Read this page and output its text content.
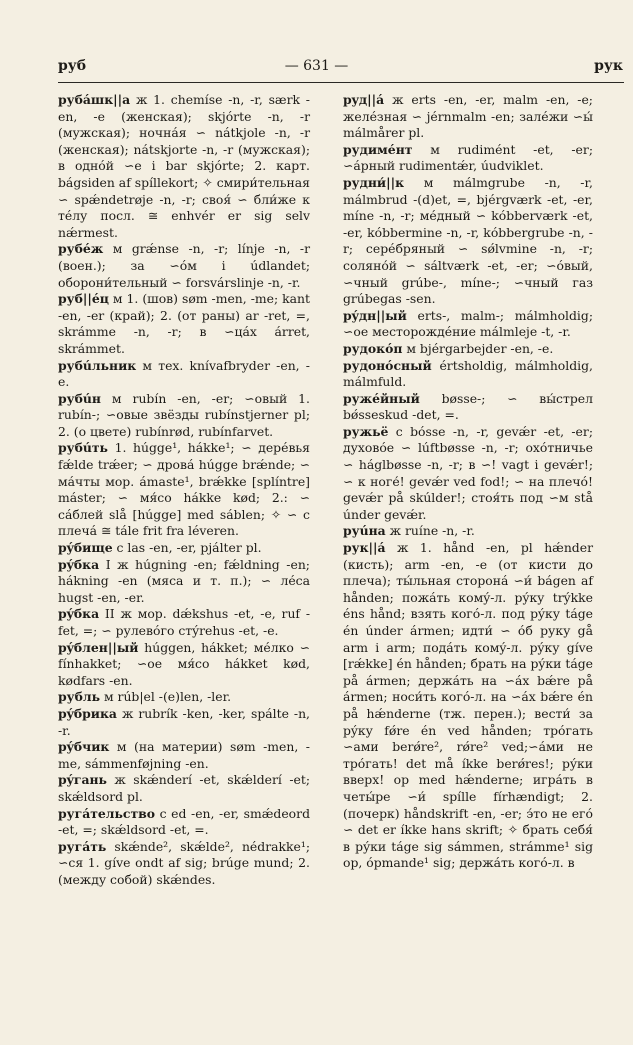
руб	— 631 —	рук

рубáшк||а ж 1. chemíse -n, -r, særk -en, -e (женская); skjórte -n, -r (мужская); ночнáя ∽ nátkjole -n, -r (женская); nátskjorte -n, -r (мужская); в однóй ∽е i bar skjórte; 2. карт. bágsiden af spíllekort; ✧ смири́тельная ∽ spǽndetrøje -n, -r; своя́ ∽ бли́же к тéлу посл. ≅ enhvér er sig selv nǽrmest.

рубéж м grǽnse -n, -r; línje -n, -r (воен.); за ∽óм i údlandet; оборони́тельный ∽ forsvárslinje -n, -r.

руб||éц м 1. (шов) søm -men, -me; kant -en, -er (край); 2. (от раны) ar -ret, =, skrámme -n, -r; в ∽цáх árret, skrámmet.

рубúльник м тех. knívafbryder -en, -e.

рубúн м rubín -en, -er; ∽овый 1. rubín-; ∽овые звёзды rubínstjerner pl; 2. (о цвете) rubínrød, rubínfarvet.

рубúть 1. húgge¹, hákke¹; ∽ дерéвья fǽlde trǽer; ∽ дровá húgge brǽnde; ∽ мáчты мор. ámaste¹, brǽkke [splíntre] máster; ∽ мя́со hákke kød; 2.: ∽ сáблей slå [húgge] med sáblen; ✧ ∽ с плечá ≅ tále frit fra léveren.

рýбище с las -en, -er, pjálter pl.

рýбка I ж húgning -en; fǽldning -en; hákning -en (мяса и т. п.); ∽ лéса hugst -en, -er.

рýбка II ж мор. dǽkshus -et, -e, ruf -fet, =; ∽ рулевóго стýrehus -et, -e.

рýблен||ый húggen, hákket; мéлко ∽ fínhakket; ∽ое мя́со hákket kød, kødfars -en.

рубль м rúb|el -(e)len, -ler.

рýбрика ж rubrík -ken, -ker, spálte -n, -r.

рýбчик м (на материи) søm -men, -me, sámmenføjning -en.

рýгань ж skǽnderí -et, skǽlderí -et; skǽldsord pl.

ругáтельство с ed -en, -er, smǽdeord -et, =; skǽldsord -et, =.

ругáть skǽnde², skǽlde², nédrakke¹; ∽ся 1. gíve ondt af sig; brúge mund; 2. (между собой) skǽndes.

рyд||á ж erts -en, -er, malm -en, -e; желéзная ∽ jérnmalm -en; залéжи ∽ы́ málmårer pl.

рудимéнт м rudimént -et, -er; ∽áрный rudimentǽr, úudviklet.

рудни́||к м málmgrube -n, -r, málmbrud -(d)et, =, bjérgværk -et, -er, míne -n, -r; мéдный ∽ kóbberværk -et, -er, kóbbermine -n, -r, kóbbergrube -n, -r; серéбряный ∽ sǿlvmine -n, -r; соляно́й ∽ sáltværk -et, -er; ∽óвый, ∽чный grúbe-, míne-; ∽чный газ grúbegas -sen.

рýдн||ый erts-, malm-; málmholdig; ∽ое месторождéние málmleje -t, -r.

рудокóп м bjérgarbejder -en, -e.

рудонóсный értsholdig, málmholdig, málmfuld.

ружéйный bøsse-; ∽ вы́стрел bǿsseskud -det, =.

ружьё с bósse -n, -r, gevǽr -et, -er; духовóе ∽ lúftbøsse -n, -r; охóтничье ∽ háglbøsse -n, -r; в ∽! vagt i gevǽr!; ∽ к ноге́! gevǽr ved fod!; ∽ на плечó! gevǽr på skúlder!; стоя́ть под ∽м stå únder gevǽr.

руúна ж ruíne -n, -r.

рук||á ж 1. hånd -en, pl hǽnder (кисть); arm -en, -e (от кисти до плеча); ты́льная сторонá ∽и́ bágen af hånden; пожáть комý-л. рýку trýkke éns hånd; взять когó-л. под рýку táge én únder ármen; идти́ ∽ óб руку gå arm i arm; подáть комý-л. рýку gíve [rǽkke] én hånden; брать на рýки táge på ármen; держáть на ∽áх bǽre på ármen; носи́ть когó-л. на ∽áх bǽre én på hǽnderne (тж. перен.); вести́ за рýку fǿre én ved hånden; трóгать ∽ами berǿre², rǿre² ved;∽áми не трóгать! det må íkke berǿres!; рýки вверх! op med hǽnderne; игрáть в четы́ре ∽и́ spílle fírhændigt; 2. (почерк) håndskrift -en, -er; э́то не егó ∽ det er íkke hans skrift; ✧ брать себя́ в рýки táge sig sámmen, strámme¹ sig op, ópmande¹ sig; держáть когó-л. в
